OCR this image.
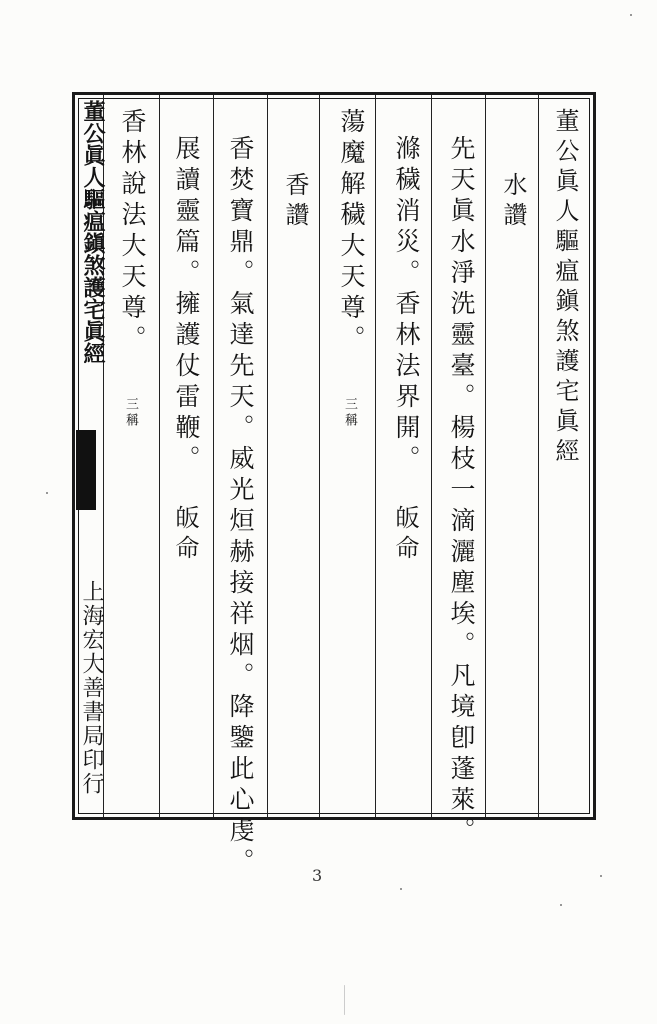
董公眞人驅瘟鎭煞護宅眞經
水讚
先天眞水淨洗靈臺。楊枝一滴灑塵埃。凡境卽蓬萊。
滌穢消災。香林法界開。
皈命
蕩魔解穢大天尊。
三稱
香讚
香焚寶鼎。氣達先天。威光烜赫接祥烟。降鑒此心虔。
展讀靈篇。擁護仗雷鞭。
皈命
香林說法大天尊。
三稱
董公眞人驅瘟鎭煞護宅眞經
上海宏大善書局印行
3
